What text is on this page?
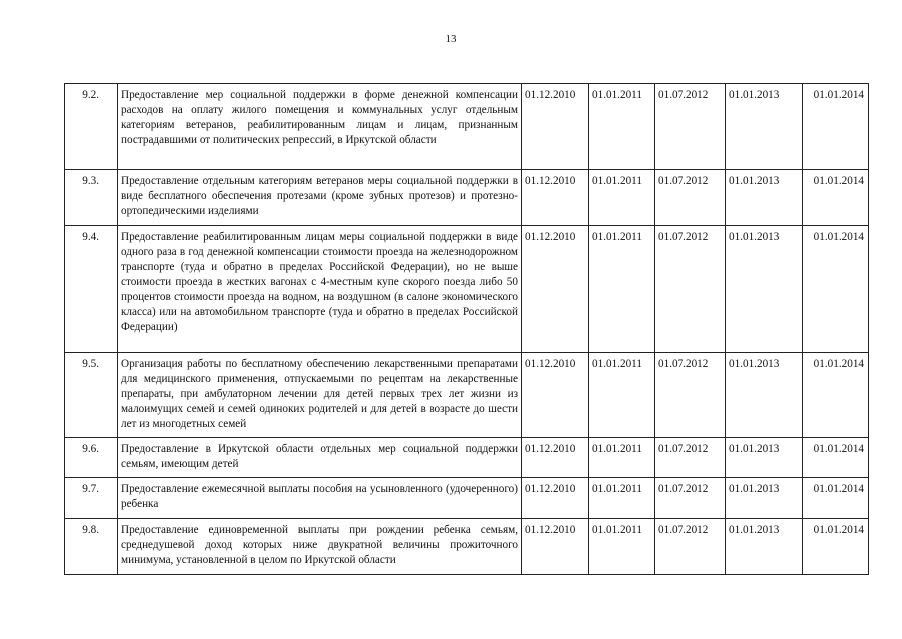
13
9.2.	Предоставление мер социальной поддержки в форме денежной компенсации расходов на оплату жилого помещения и коммунальных услуг отдельным категориям ветеранов, реабилитированным лицам и лицам, признанным пострадавшими от политических репрессий, в Иркутской области	01.12.2010	01.01.2011	01.07.2012	01.01.2013	01.01.2014
9.3.	Предоставление отдельным категориям ветеранов меры социальной поддержки в виде бесплатного обеспечения протезами (кроме зубных протезов) и протезно-ортопедическими изделиями	01.12.2010	01.01.2011	01.07.2012	01.01.2013	01.01.2014
9.4.	Предоставление реабилитированным лицам меры социальной поддержки в виде одного раза в год денежной компенсации стоимости проезда на железнодорожном транспорте (туда и обратно в пределах Российской Федерации), но не выше стоимости проезда в жестких вагонах с 4-местным купе скорого поезда либо 50 процентов стоимости проезда на водном, на воздушном (в салоне экономического класса) или на автомобильном транспорте (туда и обратно в пределах Российской Федерации)	01.12.2010	01.01.2011	01.07.2012	01.01.2013	01.01.2014
9.5.	Организация работы по бесплатному обеспечению лекарственными препаратами для медицинского применения, отпускаемыми по рецептам на лекарственные препараты, при амбулаторном лечении для детей первых трех лет жизни из малоимущих семей и семей одиноких родителей и для детей в возрасте до шести лет из многодетных семей	01.12.2010	01.01.2011	01.07.2012	01.01.2013	01.01.2014
9.6.	Предоставление в Иркутской области отдельных мер социальной поддержки семьям, имеющим детей	01.12.2010	01.01.2011	01.07.2012	01.01.2013	01.01.2014
9.7.	Предоставление ежемесячной выплаты пособия на усыновленного (удочеренного) ребенка	01.12.2010	01.01.2011	01.07.2012	01.01.2013	01.01.2014
9.8.	Предоставление единовременной выплаты при рождении ребенка семьям, среднедушевой доход которых ниже двукратной величины прожиточного минимума, установленной в целом по Иркутской области	01.12.2010	01.01.2011	01.07.2012	01.01.2013	01.01.2014
